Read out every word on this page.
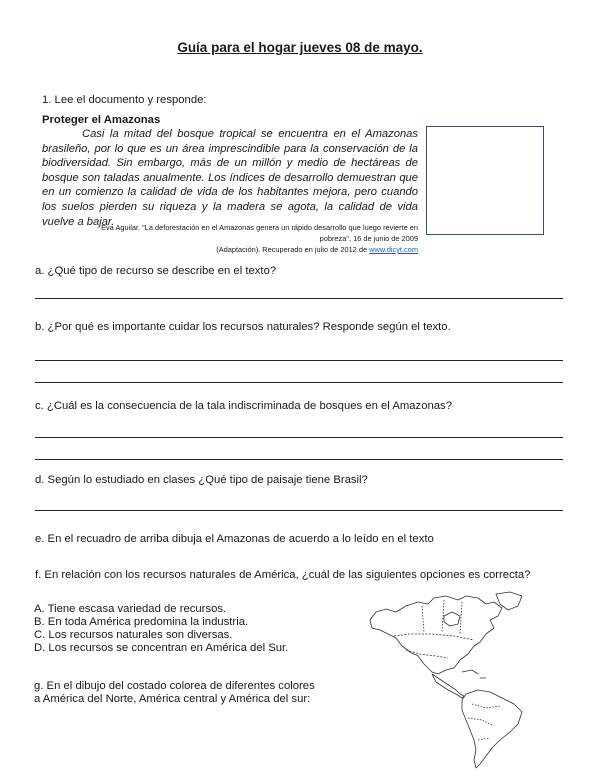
Guía para el hogar jueves 08 de mayo.
1. Lee el documento y responde:
Proteger el Amazonas
Casi la mitad del bosque tropical se encuentra en el Amazonas brasileño, por lo que es un área imprescindible para la conservación de la biodiversidad. Sin embargo, más de un millón y medio de hectáreas de bosque son taladas anualmente. Los índices de desarrollo demuestran que en un comienzo la calidad de vida de los habitantes mejora, pero cuando los suelos pierden su riqueza y la madera se agota, la calidad de vida vuelve a bajar.
Eva Aguilar. "La deforestación en el Amazonas genera un rápido desarrollo que luego revierte en
pobreza", 16 de junio de 2009
(Adaptación). Recuperado en julio de 2012 de www.dicyt.com
a. ¿Qué tipo de recurso se describe en el texto?
b. ¿Por qué es importante cuidar los recursos naturales? Responde según el texto.
c. ¿Cuál es la consecuencia de la tala indiscriminada de bosques en el Amazonas?
d. Según lo estudiado en clases ¿Qué tipo de paisaje tiene Brasil?
e. En el recuadro de arriba dibuja el Amazonas de acuerdo a lo leído en el texto
f. En relación con los recursos naturales de América, ¿cuál de las siguientes opciones es correcta?
A. Tiene escasa variedad de recursos.
B. En toda América predomina la industria.
C. Los recursos naturales son diversas.
D. Los recursos se concentran en América del Sur.
g. En el dibujo del costado colorea de diferentes colores
a América del Norte, América central y América del sur:
